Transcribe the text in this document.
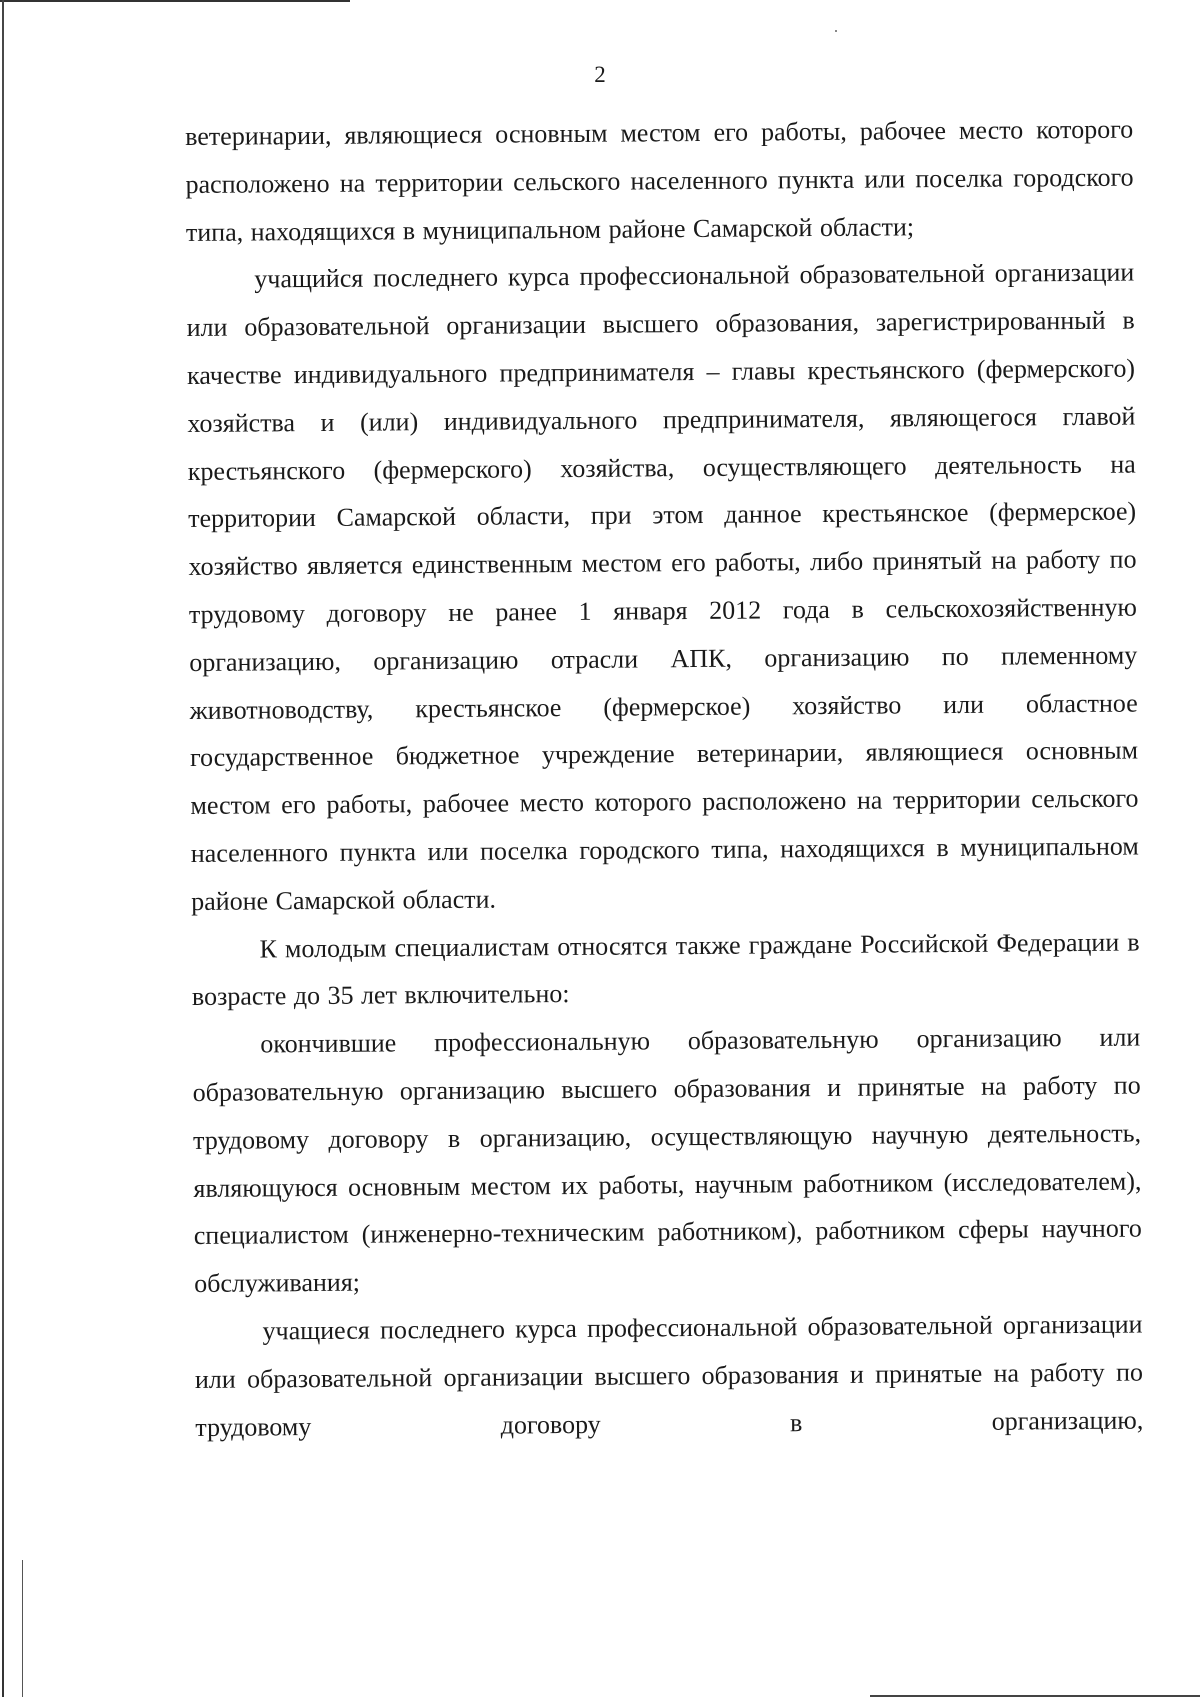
2

ветеринарии, являющиеся основным местом его работы, рабочее место которого расположено на территории сельского населенного пункта или поселка городского типа, находящихся в муниципальном районе Самарской области;

учащийся последнего курса профессиональной образовательной организации или образовательной организации высшего образования, зарегистрированный в качестве индивидуального предпринимателя – главы крестьянского (фермерского) хозяйства и (или) индивидуального предпринимателя, являющегося главой крестьянского (фермерского) хозяйства, осуществляющего деятельность на территории Самарской области, при этом данное крестьянское (фермерское) хозяйство является единственным местом его работы, либо принятый на работу по трудовому договору не ранее 1 января 2012 года в сельскохозяйственную организацию, организацию отрасли АПК, организацию по племенному животноводству, крестьянское (фермерское) хозяйство или областное государственное бюджетное учреждение ветеринарии, являющиеся основным местом его работы, рабочее место которого расположено на территории сельского населенного пункта или поселка городского типа, находящихся в муниципальном районе Самарской области.

К молодым специалистам относятся также граждане Российской Федерации в возрасте до 35 лет включительно:

окончившие профессиональную образовательную организацию или образовательную организацию высшего образования и принятые на работу по трудовому договору в организацию, осуществляющую научную деятельность, являющуюся основным местом их работы, научным работником (исследователем), специалистом (инженерно-техническим работником), работником сферы научного обслуживания;

учащиеся последнего курса профессиональной образовательной организации или образовательной организации высшего образования и принятые на работу по трудовому договору в организацию,
